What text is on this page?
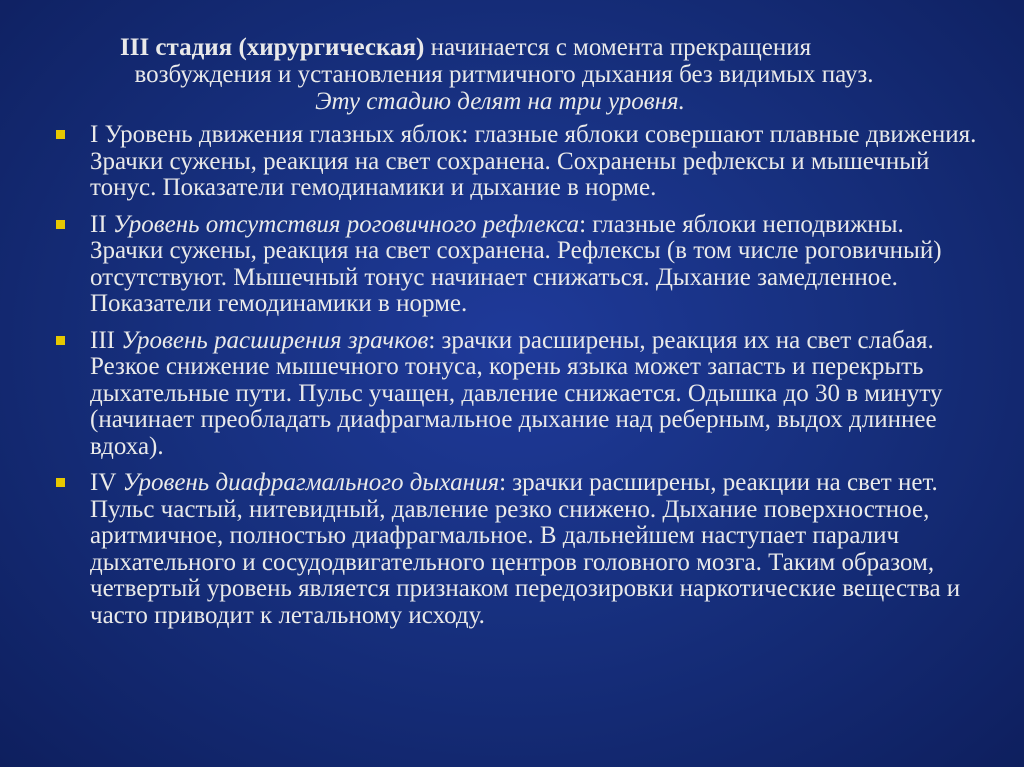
III стадия (хирургическая) начинается с момента прекращения
возбуждения и установления ритмичного дыхания без видимых пауз.
Эту стадию делят на три уровня.
I Уровень движения глазных яблок: глазные яблоки совершают плавные движения. Зрачки сужены, реакция на свет сохранена. Сохранены рефлексы и мышечный тонус. Показатели гемодинамики и дыхание в норме.
II Уровень отсутствия роговичного рефлекса: глазные яблоки неподвижны. Зрачки сужены, реакция на свет сохранена. Рефлексы (в том числе роговичный) отсутствуют. Мышечный тонус начинает снижаться. Дыхание замедленное. Показатели гемодинамики в норме.
III Уровень расширения зрачков: зрачки расширены, реакция их на свет слабая. Резкое снижение мышечного тонуса, корень языка может запасть и перекрыть дыхательные пути. Пульс учащен, давление снижается. Одышка до 30 в минуту (начинает преобладать диафрагмальное дыхание над реберным, выдох длиннее вдоха).
IV Уровень диафрагмального дыхания: зрачки расширены, реакции на свет нет. Пульс частый, нитевидный, давление резко снижено. Дыхание поверхностное, аритмичное, полностью диафрагмальное. В дальнейшем наступает паралич дыхательного и сосудодвигательного центров головного мозга. Таким образом, четвертый уровень является признаком передозировки наркотические вещества и часто приводит к летальному исходу.
